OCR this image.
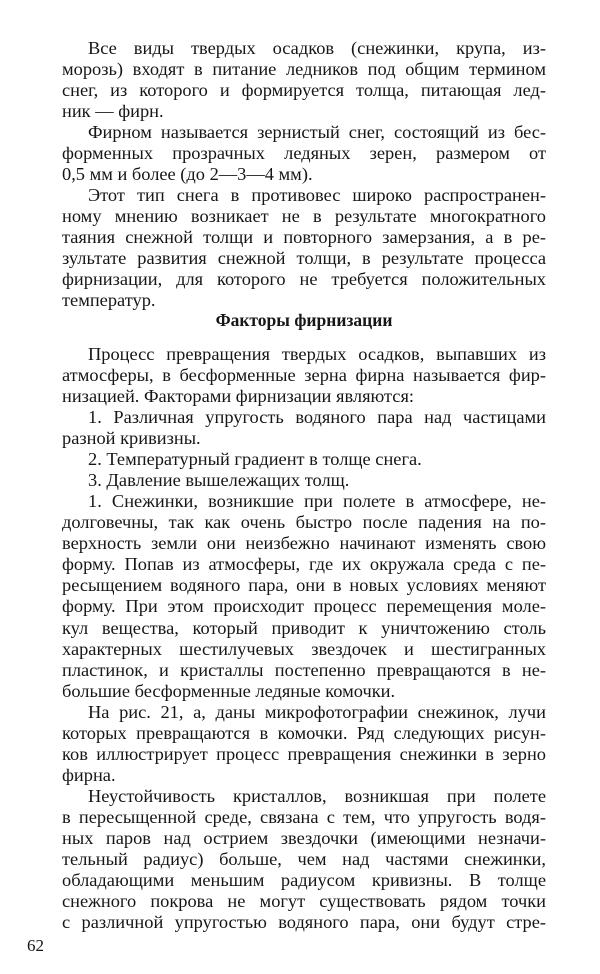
Все виды твердых осадков (снежинки, крупа, из-
морозь) входят в питание ледников под общим термином
снег, из которого и формируется толща, питающая лед-
ник — фирн.
Фирном называется зернистый снег, состоящий из бес-
форменных прозрачных ледяных зерен, размером от
0,5 мм и более (до 2—3—4 мм).
Этот тип снега в противовес широко распространен-
ному мнению возникает не в результате многократного
таяния снежной толщи и повторного замерзания, а в ре-
зультате развития снежной толщи, в результате процесса
фирнизации, для которого не требуется положительных
температур.
Факторы фирнизации
Процесс превращения твердых осадков, выпавших из
атмосферы, в бесформенные зерна фирна называется фир-
низацией. Факторами фирнизации являются:
1. Различная упругость водяного пара над частицами
разной кривизны.
2. Температурный градиент в толще снега.
3. Давление вышележащих толщ.
1. Снежинки, возникшие при полете в атмосфере, не-
долговечны, так как очень быстро после падения на по-
верхность земли они неизбежно начинают изменять свою
форму. Попав из атмосферы, где их окружала среда с пе-
ресыщением водяного пара, они в новых условиях меняют
форму. При этом происходит процесс перемещения моле-
кул вещества, который приводит к уничтожению столь
характерных шестилучевых звездочек и шестигранных
пластинок, и кристаллы постепенно превращаются в не-
большие бесформенные ледяные комочки.
На рис. 21, а, даны микрофотографии снежинок, лучи
которых превращаются в комочки. Ряд следующих рисун-
ков иллюстрирует процесс превращения снежинки в зерно
фирна.
Неустойчивость кристаллов, возникшая при полете
в пересыщенной среде, связана с тем, что упругость водя-
ных паров над острием звездочки (имеющими незначи-
тельный радиус) больше, чем над частями снежинки,
обладающими меньшим радиусом кривизны. В толще
снежного покрова не могут существовать рядом точки
с различной упругостью водяного пара, они будут стре-
62
